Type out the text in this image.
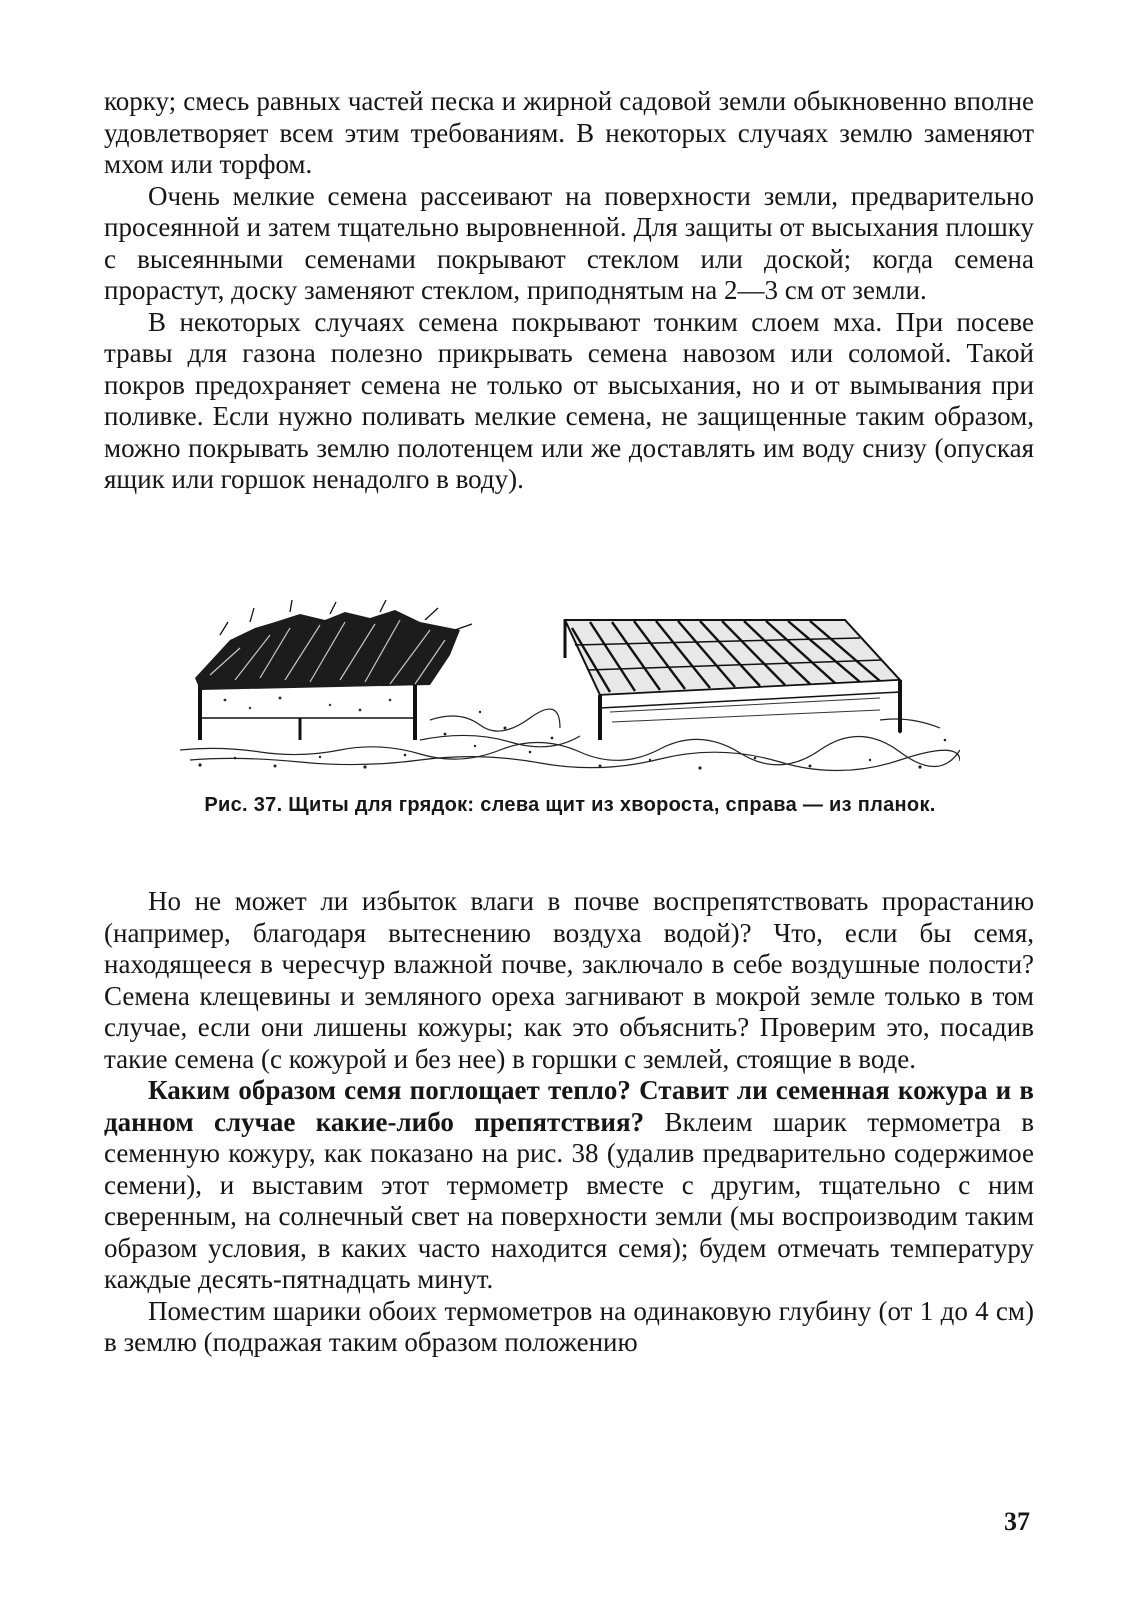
корку; смесь равных частей песка и жирной садовой земли обыкновенно вполне удовлетворяет всем этим требованиям. В некоторых случаях землю заменяют мхом или торфом.

Очень мелкие семена рассеивают на поверхности земли, предварительно просеянной и затем тщательно выровненной. Для защиты от высыхания плошку с высеянными семенами покрывают стеклом или доской; когда семена прорастут, доску заменяют стеклом, приподнятым на 2—3 см от земли.

В некоторых случаях семена покрывают тонким слоем мха. При посеве травы для газона полезно прикрывать семена навозом или соломой. Такой покров предохраняет семена не только от высыхания, но и от вымывания при поливке. Если нужно поливать мелкие семена, не защищенные таким образом, можно покрывать землю полотенцем или же доставлять им воду снизу (опуская ящик или горшок ненадолго в воду).

Рис. 37. Щиты для грядок: слева щит из хвороста, справа — из планок.

Но не может ли избыток влаги в почве воспрепятствовать прорастанию (например, благодаря вытеснению воздуха водой)? Что, если бы семя, находящееся в чересчур влажной почве, заключало в себе воздушные полости? Семена клещевины и земляного ореха загнивают в мокрой земле только в том случае, если они лишены кожуры; как это объяснить? Проверим это, посадив такие семена (с кожурой и без нее) в горшки с землей, стоящие в воде.

Каким образом семя поглощает тепло? Ставит ли семенная кожура и в данном случае какие-либо препятствия? Вклеим шарик термометра в семенную кожуру, как показано на рис. 38 (удалив предварительно содержимое семени), и выставим этот термометр вместе с другим, тщательно с ним сверенным, на солнечный свет на поверхности земли (мы воспроизводим таким образом условия, в каких часто находится семя); будем отмечать температуру каждые десять-пятнадцать минут.

Поместим шарики обоих термометров на одинаковую глубину (от 1 до 4 см) в землю (подражая таким образом положению

37
